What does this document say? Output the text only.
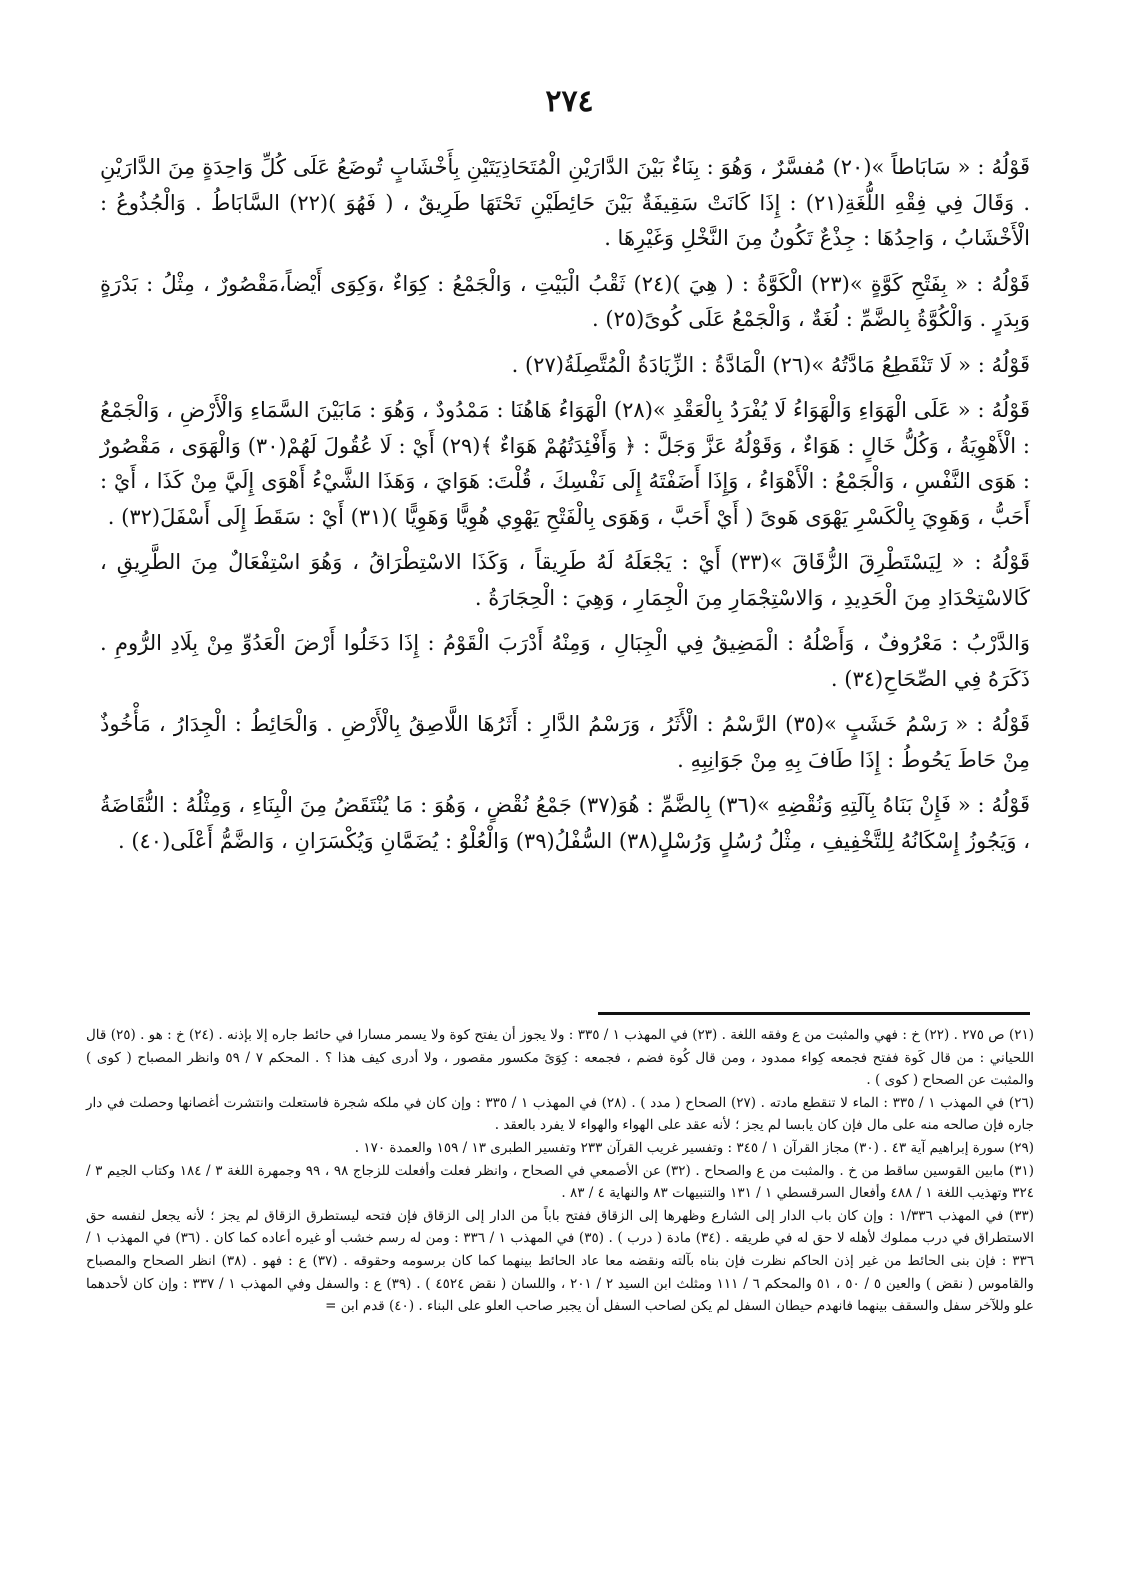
٢٧٤

قَوْلُهُ : « سَابَاطاً »(٢٠) مُفسَّرٌ ، وَهُوَ : بِنَاءٌ بَيْنَ الدَّارَيْنِ الْمُتَحَاذِيَتَيْنِ بِأَخْشَابٍ تُوضَعُ عَلَى كُلِّ وَاحِدَةٍ مِنَ الدَّارَيْنِ . وَقَالَ فِي فِقْهِ اللُّغَةِ(٢١) : إِذَا كَانَتْ سَقِيفَةٌ بَيْنَ حَائِطَيْنِ تَحْتَهَا طَرِيقٌ ، ( فَهُوَ )(٢٢) السَّابَاطُ . وَالْجُذُوعُ : الْأَخْشَابُ ، وَاحِدُهَا : جِذْعٌ تَكُونُ مِنَ النَّخْلِ وَغَيْرِهَا .

قَوْلُهُ : « بِفَتْحِ كَوَّةٍ »(٢٣) الْكَوَّةُ : ( هِيَ )(٢٤) ثَقْبُ الْبَيْتِ ، وَالْجَمْعُ : كِوَاءٌ ،وَكِوَى أَيْضاً،مَقْصُورٌ ، مِثْلُ : بَدْرَةٍ وَبِدَرٍ . وَالْكُوَّةُ بِالضَّمِّ : لُغَةٌ ، وَالْجَمْعُ عَلَى كُوىً(٢٥) .

قَوْلُهُ : « لَا تَنْقَطِعُ مَادَّتُهُ »(٢٦) الْمَادَّةُ : الزِّيَادَةُ الْمُتَّصِلَةُ(٢٧) .

قَوْلُهُ : « عَلَى الْهَوَاءِ وَالْهَوَاءُ لَا يُفْرَدُ بِالْعَقْدِ »(٢٨) الْهَوَاءُ هَاهُنَا : مَمْدُودٌ ، وَهُوَ : مَابَيْنَ السَّمَاءِ وَالْأَرْضِ ، وَالْجَمْعُ : الْأَهْوِيَةُ ، وَكُلُّ خَالٍ : هَوَاءٌ ، وَقَوْلُهُ عَزَّ وَجَلَّ : ﴿ وَأَفْئِدَتُهُمْ هَوَاءٌ ﴾(٢٩) أَيْ : لَا عُقُولَ لَهُمْ(٣٠) وَالْهَوَى ، مَقْصُورٌ : هَوَى النَّفْسِ ، وَالْجَمْعُ : الْأَهْوَاءُ ، وَإِذَا أَضَفْتَهُ إِلَى نَفْسِكَ ، قُلْتَ: هَوَايَ ، وَهَذَا الشَّيْءُ أَهْوَى إِلَيَّ مِنْ كَذَا ، أَيْ : أَحَبُّ ، وَهَوِيَ بِالْكَسْرِ يَهْوَى هَوىً ( أَيْ أَحَبَّ ، وَهَوَى بِالْفَتْحِ يَهْوِي هُوِيًّا وَهَوِيًّا )(٣١) أَيْ : سَقَطَ إِلَى أَسْفَلَ(٣٢) .

قَوْلُهُ : « لِيَسْتَطْرِقَ الزُّقَاقَ »(٣٣) أَيْ : يَجْعَلَهُ لَهُ طَرِيقاً ، وَكَذَا الاسْتِطْرَاقُ ، وَهُوَ اسْتِفْعَالٌ مِنَ الطَّرِيقِ ، كَالاسْتِحْدَادِ مِنَ الْحَدِيدِ ، وَالاسْتِجْمَارِ مِنَ الْجِمَارِ ، وَهِيَ : الْحِجَارَةُ .

وَالدَّرْبُ : مَعْرُوفٌ ، وَأَصْلُهُ : الْمَضِيقُ فِي الْجِبَالِ ، وَمِنْهُ أَدْرَبَ الْقَوْمُ : إِذَا دَخَلُوا أَرْضَ الْعَدُوِّ مِنْ بِلَادِ الرُّومِ . ذَكَرَهُ فِي الصِّحَاحِ(٣٤) .

قَوْلُهُ : « رَسْمُ خَشَبٍ »(٣٥) الرَّسْمُ : الْأَثَرُ ، وَرَسْمُ الدَّارِ : أَثَرُهَا اللَّاصِقُ بِالْأَرْضِ . وَالْحَائِطُ : الْجِدَارُ ، مَأْخُوذٌ مِنْ حَاطَ يَحُوطُ : إِذَا طَافَ بِهِ مِنْ جَوَانِبِهِ .

قَوْلُهُ : « فَإِنْ بَنَاهُ بِآلَتِهِ وَنُقْضِهِ »(٣٦) بِالضَّمِّ : هُوَ(٣٧) جَمْعُ نُقْضٍ ، وَهُوَ : مَا يُنْتَقَضُ مِنَ الْبِنَاءِ ، وَمِثْلُهُ : النُّقَاضَةُ ، وَيَجُوزُ إِسْكَانُهُ لِلتَّخْفِيفِ ، مِثْلُ رُسُلٍ وَرُسْلٍ(٣٨) السُّفْلُ(٣٩) وَالْعُلْوُ : يُضَمَّانِ وَيُكْسَرَانِ ، وَالضَّمُّ أَعْلَى(٤٠) .

(٢١) ص ٢٧٥ . (٢٢) خ : فهي والمثبت من ع وفقه اللغة . (٢٣) في المهذب ١ / ٣٣٥ : ولا يجوز أن يفتح كوة ولا يسمر مسارا في حائط جاره إلا بإذنه . (٢٤) خ : هو . (٢٥) قال اللحياني : من قال كَوة ففتح فجمعه كِواء ممدود ، ومن قال كُوة فضم ، فجمعه : كِوَىً مكسور مقصور ، ولا أدرى كيف هذا ؟ . المحكم ٧ / ٥٩ وانظر المصباح ( كوى ) والمثبت عن الصحاح ( كوى ) .

(٢٦) في المهذب ١ / ٣٣٥ : الماء لا تنقطع مادته . (٢٧) الصحاح ( مدد ) . (٢٨) في المهذب ١ / ٣٣٥ : وإن كان في ملكه شجرة فاستعلت وانتشرت أغصانها وحصلت في دار جاره فإن صالحه منه على مال فإن كان يابسا لم يجز ؛ لأنه عقد على الهواء والهواء لا يفرد بالعقد .

(٢٩) سورة إبراهيم آية ٤٣ . (٣٠) مجاز القرآن ١ / ٣٤٥ : وتفسير غريب القرآن ٢٣٣ وتفسير الطبرى ١٣ / ١٥٩ والعمدة ١٧٠ .

(٣١) مابين القوسين ساقط من خ . والمثبت من ع والصحاح . (٣٢) عن الأصمعي في الصحاح ، وانظر فعلت وأفعلت للزجاج ٩٨ ، ٩٩ وجمهرة اللغة ٣ / ١٨٤ وكتاب الجيم ٣ / ٣٢٤ وتهذيب اللغة ١ / ٤٨٨ وأفعال السرقسطي ١ / ١٣١ والتنبيهات ٨٣ والنهاية ٤ / ٨٣ .

(٣٣) في المهذب ١/٣٣٦ : وإن كان باب الدار إلى الشارع وظهرها إلى الزقاق ففتح باباً من الدار إلى الزقاق فإن فتحه ليستطرق الزقاق لم يجز ؛ لأنه يجعل لنفسه حق الاستطراق في درب مملوك لأهله لا حق له في طريقه . (٣٤) مادة ( درب ) . (٣٥) في المهذب ١ / ٣٣٦ : ومن له رسم خشب أو غيره أعاده كما كان . (٣٦) في المهذب ١ / ٣٣٦ : فإن بنى الحائط من غير إذن الحاكم نظرت فإن بناه بآلته ونقضه معا عاد الحائط بينهما كما كان برسومه وحقوقه . (٣٧) ع : فهو . (٣٨) انظر الصحاح والمصباح والقاموس ( نقض ) والعين ٥ / ٥٠ ، ٥١ والمحكم ٦ / ١١١ ومثلث ابن السيد ٢ / ٢٠١ ، واللسان ( نقض ٤٥٢٤ ) . (٣٩) ع : والسفل وفي المهذب ١ / ٣٣٧ : وإن كان لأحدهما علو وللآخر سفل والسقف بينهما فانهدم حيطان السفل لم يكن لصاحب السفل أن يجبر صاحب العلو على البناء . (٤٠) قدم ابن =
